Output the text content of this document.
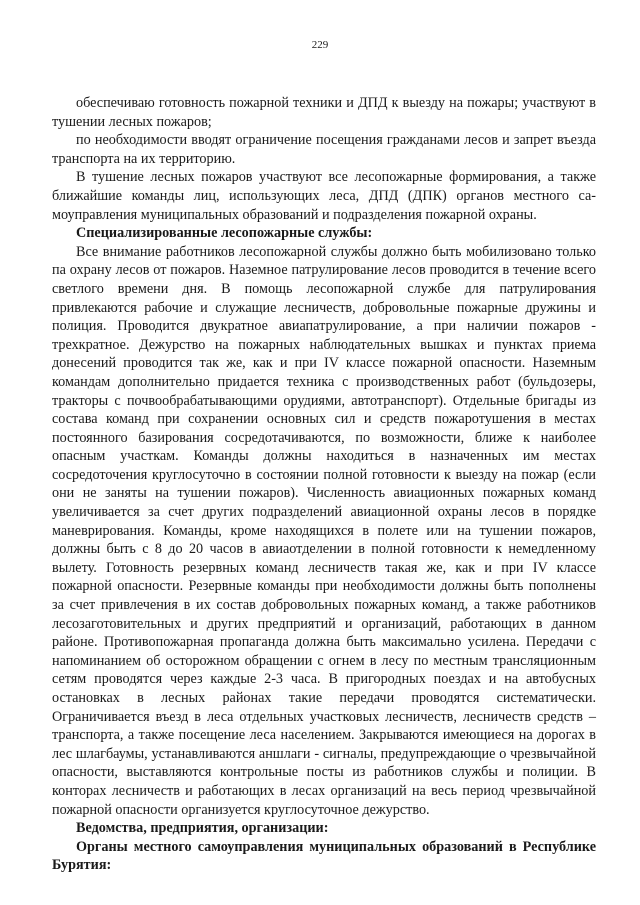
229

обеспечиваю готовность пожарной техники и ДПД к выезду на пожары; участвуют в тушении лесных пожаров;

по необходимости вводят ограничение посещения гражданами лесов и запрет въезда транспорта на их территорию.

В тушение лесных пожаров участвуют все лесопожарные формирования, а также ближайшие команды лиц, использующих леса, ДПД (ДПК) органов местного самоуправления муниципальных образований и подразделения пожарной охраны.

Специализированные лесопожарные службы:

Все внимание работников лесопожарной службы должно быть мобилизовано только па охрану лесов от пожаров. Наземное патрулирование лесов проводится в течение всего светлого времени дня. В помощь лесопожарной службе для патрулирования привлекаются рабочие и служащие лесничеств, добровольные пожарные дружины и полиция. Проводится двукратное авиапатрулирование, а при наличии пожаров - трехкратное. Дежурство на пожарных наблюдательных вышках и пунктах приема донесений проводится так же, как и при IV классе пожарной опасности. Наземным командам дополнительно придается техника с производственных работ (бульдозеры, тракторы с почвообрабатывающими орудиями, автотранспорт). Отдельные бригады из состава команд при сохранении основных сил и средств пожаротушения в местах постоянного базирования сосредотачиваются, по возможности, ближе к наиболее опасным участкам. Команды должны находиться в назначенных им местах сосредоточения круглосуточно в состоянии полной готовности к выезду на пожар (если они не заняты на тушении пожаров). Численность авиационных пожарных команд увеличивается за счет других подразделений авиационной охраны лесов в порядке маневрирования. Команды, кроме находящихся в полете или на тушении пожаров, должны быть с 8 до 20 часов в авиаотделении в полной готовности к немедленному вылету. Готовность резервных команд лесничеств такая же, как и при IV классе пожарной опасности. Резервные команды при необходимости должны быть пополнены за счет привлечения в их состав добровольных пожарных команд, а также работников лесозаготовительных и других предприятий и организаций, работающих в данном районе. Противопожарная пропаганда должна быть максимально усилена. Передачи с напоминанием об осторожном обращении с огнем в лесу по местным трансляционным сетям проводятся через каждые 2-3 часа. В пригородных поездах и на автобусных остановках в лесных районах такие передачи проводятся систематически. Ограничивается въезд в леса отдельных участковых лесничеств, лесничеств средств – транспорта, а также посещение леса населением. Закрываются имеющиеся на дорогах в лес шлагбаумы, устанавливаются аншлаги - сигналы, предупреждающие о чрезвычайной опасности, выставляются контрольные посты из работников службы и полиции. В конторах лесничеств и работающих в лесах организаций на весь период чрезвычайной пожарной опасности организуется круглосуточное дежурство.

Ведомства, предприятия, организации:

Органы местного самоуправления муниципальных образований в Республике Бурятия:
